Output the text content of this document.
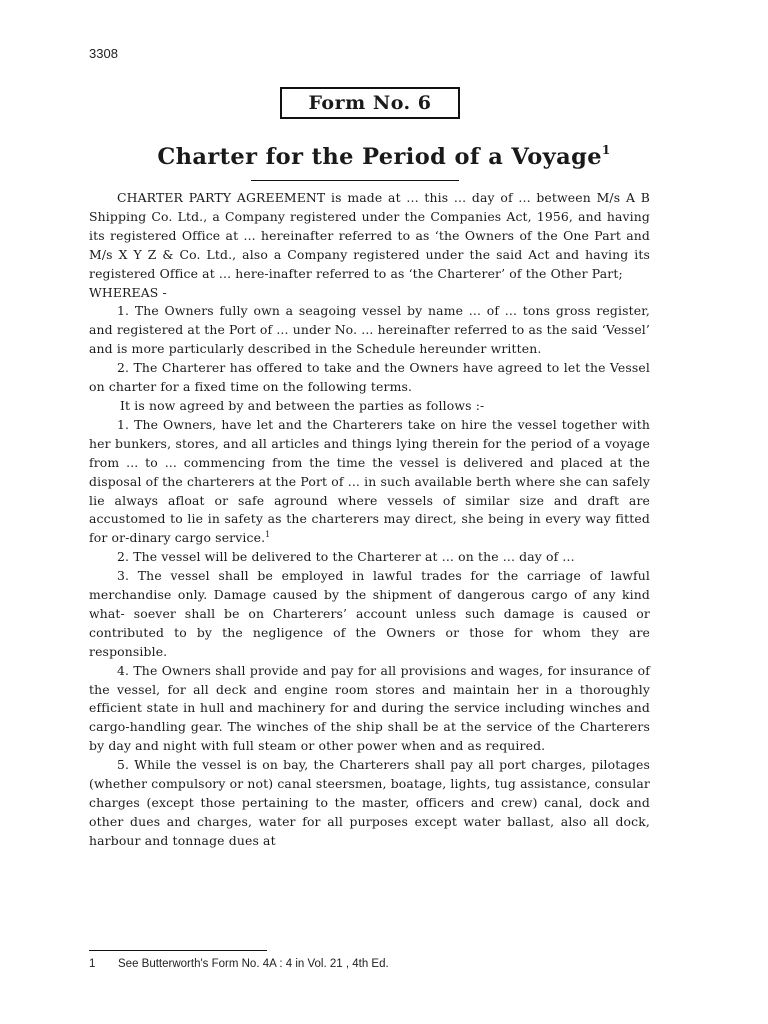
3308
Form No. 6
Charter for the Period of a Voyage$^1$

CHARTER PARTY AGREEMENT is made at ... this ... day of ... between M/s A B Shipping Co. Ltd., a Company registered under the Companies Act, 1956, and having its registered Office at ... hereinafter referred to as ‘the Owners of the One Part and M/s X Y Z & Co. Ltd., also a Company registered under the said Act and having its registered Office at ... here-inafter referred to as ‘the Charterer’ of the Other Part;

WHEREAS -

1. The Owners fully own a seagoing vessel by name ... of ... tons gross register, and registered at the Port of ... under No. ... hereinafter referred to as the said ‘Vessel’ and is more particularly described in the Schedule hereunder written.

2. The Charterer has offered to take and the Owners have agreed to let the Vessel on charter for a fixed time on the following terms.

It is now agreed by and between the parties as follows :-

1. The Owners, have let and the Charterers take on hire the vessel together with her bunkers, stores, and all articles and things lying therein for the period of a voyage from ... to ... commencing from the time the vessel is delivered and placed at the disposal of the charterers at the Port of ... in such available berth where she can safely lie always afloat or safe aground where vessels of similar size and draft are accustomed to lie in safety as the charterers may direct, she being in every way fitted for or-dinary cargo service.$^1$

2. The vessel will be delivered to the Charterer at ... on the ... day of ...

3. The vessel shall be employed in lawful trades for the carriage of lawful merchandise only. Damage caused by the shipment of dangerous cargo of any kind what- soever shall be on Charterers’ account unless such damage is caused or contributed to by the negligence of the Owners or those for whom they are responsible.

4. The Owners shall provide and pay for all provisions and wages, for insurance of the vessel, for all deck and engine room stores and maintain her in a thoroughly efficient state in hull and machinery for and during the service including winches and cargo-handling gear. The winches of the ship shall be at the service of the Charterers by day and night with full steam or other power when and as required.

5. While the vessel is on bay, the Charterers shall pay all port charges, pilotages (whether compulsory or not) canal steersmen, boatage, lights, tug assistance, consular charges (except those pertaining to the master, officers and crew) canal, dock and other dues and charges, water for all purposes except water ballast, also all dock, harbour and tonnage dues at

1 See Butterworth's Form No. 4A : 4 in Vol. 21 , 4th Ed.
